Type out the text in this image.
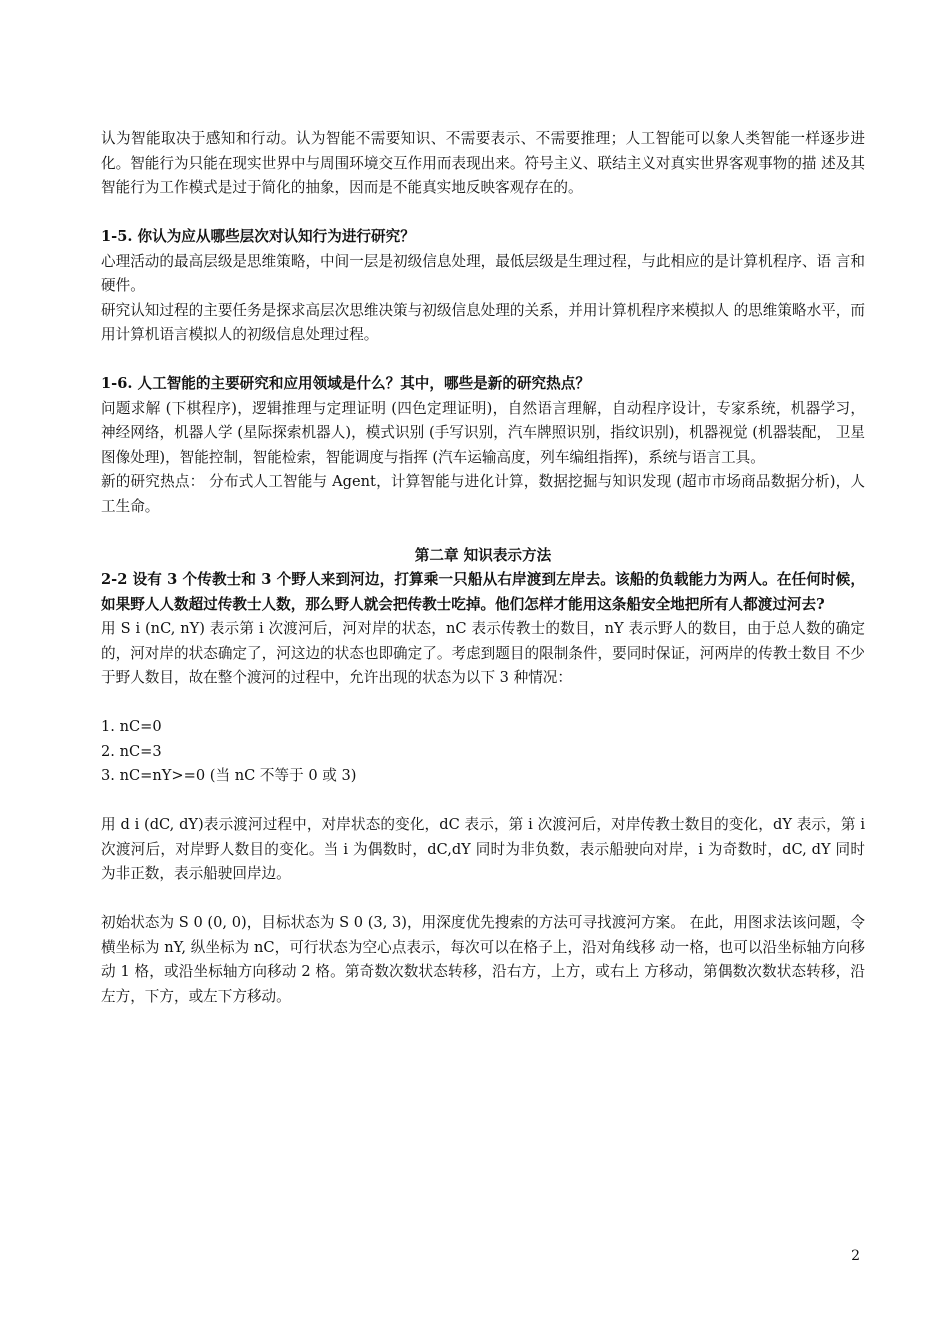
认为智能取决于感知和行动。认为智能不需要知识、不需要表示、不需要推理；人工智能可以象人类智能一样逐步进化。智能行为只能在现实世界中与周围环境交互作用而表现出来。符号主义、联结主义对真实世界客观事物的描 述及其智能行为工作模式是过于简化的抽象，因而是不能真实地反映客观存在的。

1-5. 你认为应从哪些层次对认知行为进行研究？

心理活动的最高层级是思维策略，中间一层是初级信息处理，最低层级是生理过程，与此相应的是计算机程序、语 言和硬件。

研究认知过程的主要任务是探求高层次思维决策与初级信息处理的关系，并用计算机程序来模拟人 的思维策略水平，而用计算机语言模拟人的初级信息处理过程。

1-6. 人工智能的主要研究和应用领域是什么？其中，哪些是新的研究热点？

问题求解 (下棋程序)，逻辑推理与定理证明 (四色定理证明)，自然语言理解，自动程序设计，专家系统，机器学习， 神经网络，机器人学 (星际探索机器人)，模式识别 (手写识别，汽车牌照识别，指纹识别)，机器视觉 (机器装配， 卫星图像处理)，智能控制，智能检索，智能调度与指挥 (汽车运输高度，列车编组指挥)，系统与语言工具。

新的研究热点： 分布式人工智能与 Agent，计算智能与进化计算，数据挖掘与知识发现 (超市市场商品数据分析)，人工生命。

第二章 知识表示方法

2-2 设有 3 个传教士和 3 个野人来到河边，打算乘一只船从右岸渡到左岸去。该船的负载能力为两人。在任何时候，如果野人人数超过传教士人数，那么野人就会把传教士吃掉。他们怎样才能用这条船安全地把所有人都渡过河去?

用 S i (nC, nY) 表示第 i 次渡河后，河对岸的状态，nC 表示传教士的数目，nY 表示野人的数目，由于总人数的确定 的，河对岸的状态确定了，河这边的状态也即确定了。考虑到题目的限制条件，要同时保证，河两岸的传教士数目 不少于野人数目，故在整个渡河的过程中，允许出现的状态为以下 3 种情况：

1. nC=0

2. nC=3

3. nC=nY>=0 (当 nC 不等于 0 或 3)

用 d i (dC, dY)表示渡河过程中，对岸状态的变化，dC 表示，第 i 次渡河后，对岸传教士数目的变化，dY 表示，第 i 次渡河后，对岸野人数目的变化。当 i 为偶数时，dC,dY 同时为非负数，表示船驶向对岸，i 为奇数时，dC, dY 同时 为非正数，表示船驶回岸边。

初始状态为 S 0 (0, 0)，目标状态为 S 0 (3, 3)，用深度优先搜索的方法可寻找渡河方案。 在此，用图求法该问题，令横坐标为 nY, 纵坐标为 nC，可行状态为空心点表示，每次可以在格子上，沿对角线移 动一格，也可以沿坐标轴方向移动 1 格，或沿坐标轴方向移动 2 格。第奇数次数状态转移，沿右方，上方，或右上 方移动，第偶数次数状态转移，沿左方，下方，或左下方移动。

2
